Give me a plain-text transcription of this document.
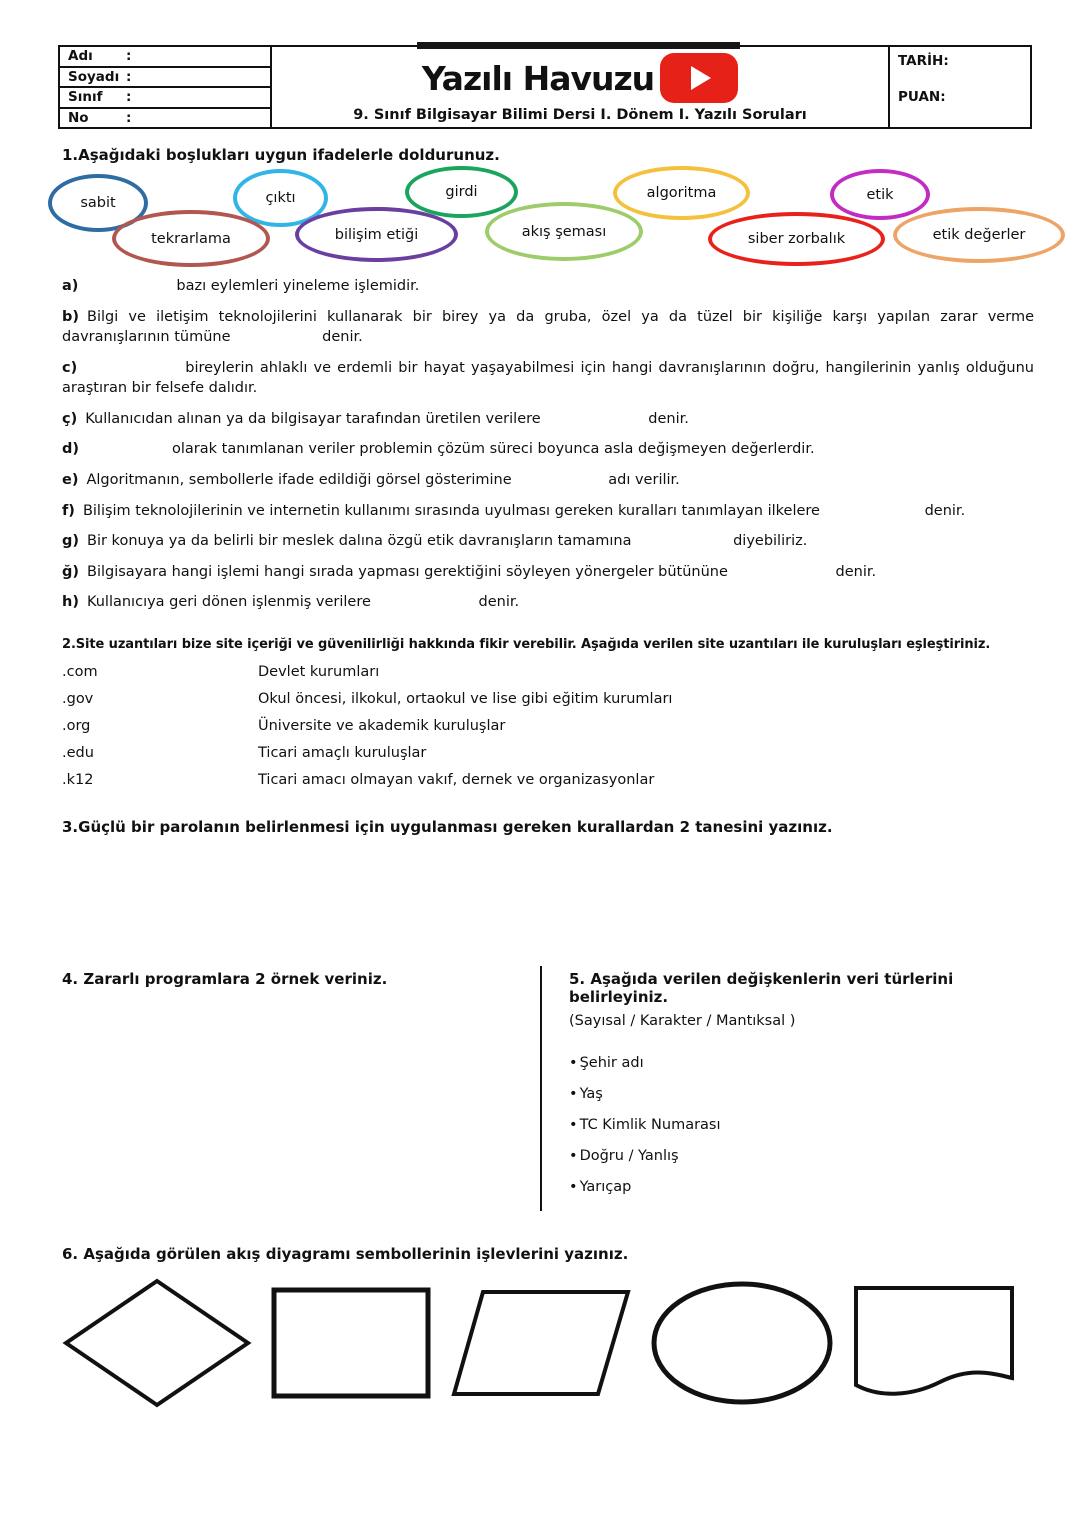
Adı	:
Soyadı :
Sınıf	:
No	:
Yazılı Havuzu
9. Sınıf Bilgisayar Bilimi Dersi I. Dönem I. Yazılı Soruları
TARİH:
PUAN:
1.Aşağıdaki boşlukları uygun ifadelerle doldurunuz.
sabit	çıktı	girdi	algoritma	etik
tekrarlama	bilişim etiği	akış şeması	siber zorbalık	etik değerler

a)	bazı eylemleri yineleme işlemidir.

b) Bilgi ve iletişim teknolojilerini kullanarak bir birey ya da gruba, özel ya da tüzel bir kişiliğe karşı yapılan zarar verme davranışlarının tümüne	denir.

c)	bireylerin ahlaklı ve erdemli bir hayat yaşayabilmesi için hangi davranışlarının doğru, hangilerinin yanlış olduğunu araştıran bir felsefe dalıdır.

ç) Kullanıcıdan alınan ya da bilgisayar tarafından üretilen verilere	denir.

d)	olarak tanımlanan veriler problemin çözüm süreci boyunca asla değişmeyen değerlerdir.

e) Algoritmanın, sembollerle ifade edildiği görsel gösterimine	adı verilir.

f) Bilişim teknolojilerinin ve internetin kullanımı sırasında uyulması gereken kuralları tanımlayan ilkelere	denir.

g) Bir konuya ya da belirli bir meslek dalına özgü etik davranışların tamamına	diyebiliriz.

ğ) Bilgisayara hangi işlemi hangi sırada yapması gerektiğini söyleyen yönergeler bütününe	denir.

h) Kullanıcıya geri dönen işlenmiş verilere	denir.

2.Site uzantıları bize site içeriği ve güvenilirliği hakkında fikir verebilir. Aşağıda verilen site uzantıları ile kuruluşları eşleştiriniz.
.com	Devlet kurumları
.gov	Okul öncesi, ilkokul, ortaokul ve lise gibi eğitim kurumları
.org	Üniversite ve akademik kuruluşlar
.edu	Ticari amaçlı kuruluşlar
.k12	Ticari amacı olmayan vakıf, dernek ve organizasyonlar
3.Güçlü bir parolanın belirlenmesi için uygulanması gereken kurallardan 2 tanesini yazınız.
4. Zararlı programlara 2 örnek veriniz.	5. Aşağıda verilen değişkenlerin veri türlerini belirleyiniz.
(Sayısal / Karakter / Mantıksal )
• Şehir adı
• Yaş
• TC Kimlik Numarası
• Doğru / Yanlış
• Yarıçap
6. Aşağıda görülen akış diyagramı sembollerinin işlevlerini yazınız.
